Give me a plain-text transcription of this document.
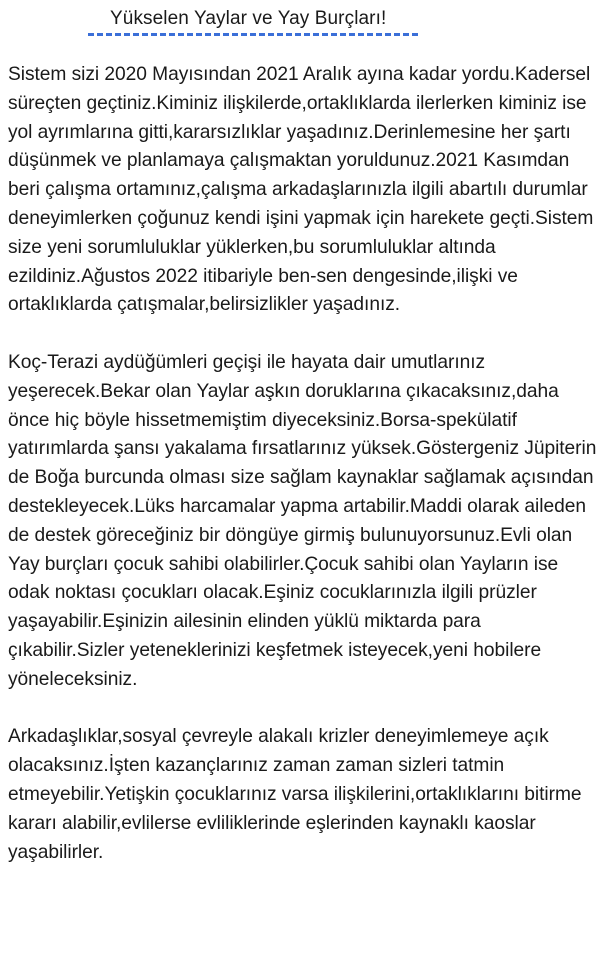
Yükselen Yaylar ve Yay Burçları!

Sistem sizi 2020 Mayısından 2021 Aralık ayına kadar yordu.Kadersel süreçten geçtiniz.Kiminiz ilişkilerde,ortaklıklarda ilerlerken kiminiz ise yol ayrımlarına gitti,kararsızlıklar yaşadınız.Derinlemesine her şartı düşünmek ve planlamaya çalışmaktan yoruldunuz.2021 Kasımdan beri çalışma ortamınız,çalışma arkadaşlarınızla ilgili abartılı durumlar deneyimlerken çoğunuz kendi işini yapmak için harekete geçti.Sistem size yeni sorumluluklar yüklerken,bu sorumluluklar altında ezildiniz.Ağustos 2022 itibariyle ben-sen dengesinde,ilişki ve ortaklıklarda çatışmalar,belirsizlikler yaşadınız.

Koç-Terazi aydüğümleri geçişi ile hayata dair umutlarınız yeşerecek.Bekar olan Yaylar aşkın doruklarına çıkacaksınız,daha önce hiç böyle hissetmemiştim diyeceksiniz.Borsa-spekülatif yatırımlarda şansı yakalama fırsatlarınız yüksek.Göstergeniz Jüpiterin de Boğa burcunda olması size sağlam kaynaklar sağlamak açısından destekleyecek.Lüks harcamalar yapma artabilir.Maddi olarak aileden de destek göreceğiniz bir döngüye girmiş bulunuyorsunuz.Evli olan Yay burçları çocuk sahibi olabilirler.Çocuk sahibi olan Yayların ise odak noktası çocukları olacak.Eşiniz cocuklarınızla ilgili prüzler yaşayabilir.Eşinizin ailesinin elinden yüklü miktarda para çıkabilir.Sizler yeteneklerinizi keşfetmek isteyecek,yeni hobilere yöneleceksiniz.

Arkadaşlıklar,sosyal çevreyle alakalı krizler deneyimlemeye açık olacaksınız.İşten kazançlarınız zaman zaman sizleri tatmin etmeyebilir.Yetişkin çocuklarınız varsa ilişkilerini,ortaklıklarını bitirme kararı alabilir,evlilerse evliliklerinde eşlerinden kaynaklı kaoslar yaşabilirler.
